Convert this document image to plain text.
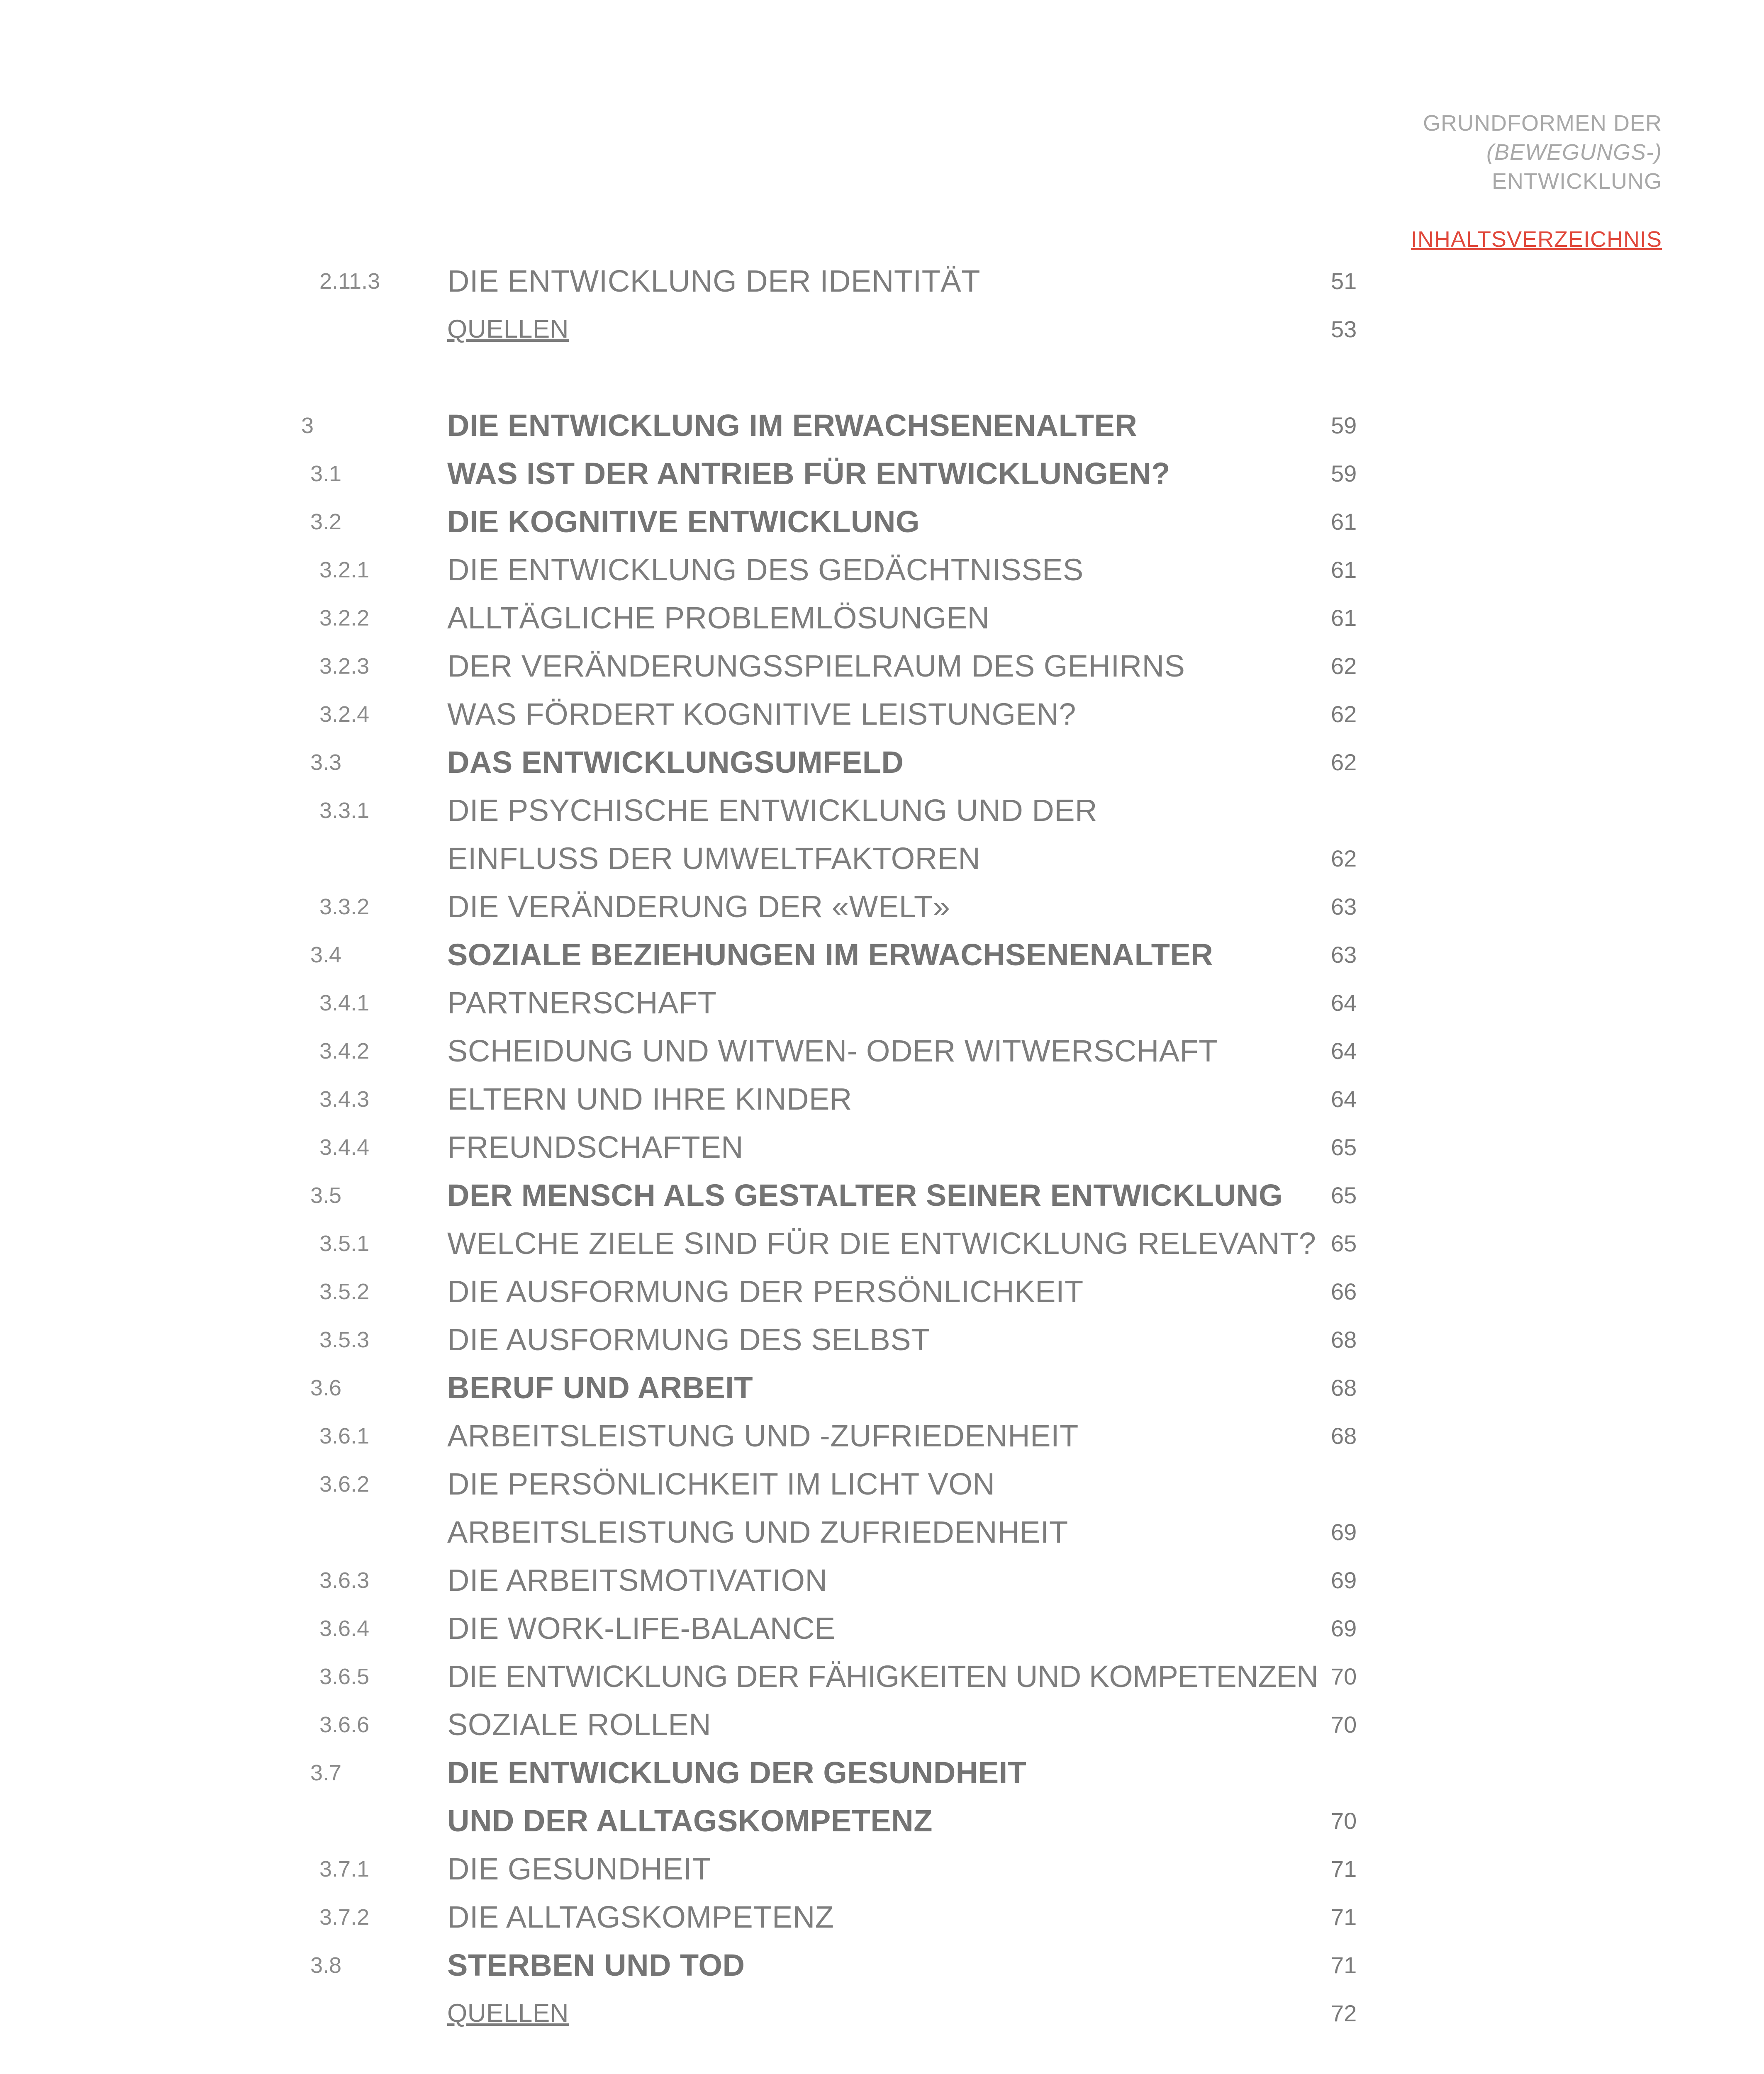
GRUNDFORMEN DER
(BEWEGUNGS-)
ENTWICKLUNG
INHALTSVERZEICHNIS
2.11.3 DIE ENTWICKLUNG DER IDENTITÄT	51
QUELLEN	53
3	DIE ENTWICKLUNG IM ERWACHSENENALTER	59
3.1	WAS IST DER ANTRIEB FÜR ENTWICKLUNGEN?	59
3.2	DIE KOGNITIVE ENTWICKLUNG	61
3.2.1	DIE ENTWICKLUNG DES GEDÄCHTNISSES	61
3.2.2	ALLTÄGLICHE PROBLEMLÖSUNGEN	61
3.2.3	DER VERÄNDERUNGSSPIELRAUM DES GEHIRNS	62
3.2.4	WAS FÖRDERT KOGNITIVE LEISTUNGEN?	62
3.3	DAS ENTWICKLUNGSUMFELD	62
3.3.1	DIE PSYCHISCHE ENTWICKLUNG UND DER
EINFLUSS DER UMWELTFAKTOREN	62
3.3.2	DIE VERÄNDERUNG DER «WELT»	63
3.4	SOZIALE BEZIEHUNGEN IM ERWACHSENENALTER	63
3.4.1	PARTNERSCHAFT	64
3.4.2	SCHEIDUNG UND WITWEN- ODER WITWERSCHAFT	64
3.4.3	ELTERN UND IHRE KINDER	64
3.4.4	FREUNDSCHAFTEN	65
3.5	DER MENSCH ALS GESTALTER SEINER ENTWICKLUNG 65
3.5.1	WELCHE ZIELE SIND FÜR DIE ENTWICKLUNG RELEVANT? 65
3.5.2	DIE AUSFORMUNG DER PERSÖNLICHKEIT	66
3.5.3	DIE AUSFORMUNG DES SELBST	68
3.6	BERUF UND ARBEIT	68
3.6.1	ARBEITSLEISTUNG UND -ZUFRIEDENHEIT	68
3.6.2	DIE PERSÖNLICHKEIT IM LICHT VON
ARBEITSLEISTUNG UND ZUFRIEDENHEIT	69
3.6.3	DIE ARBEITSMOTIVATION	69
3.6.4	DIE WORK-LIFE-BALANCE	69
3.6.5	DIE ENTWICKLUNG DER FÄHIGKEITEN UND KOMPETENZEN 70
3.6.6	SOZIALE ROLLEN	70
3.7	DIE ENTWICKLUNG DER GESUNDHEIT
UND DER ALLTAGSKOMPETENZ	70
3.7.1	DIE GESUNDHEIT	71
3.7.2	DIE ALLTAGSKOMPETENZ	71
3.8	STERBEN UND TOD	71
QUELLEN	72
